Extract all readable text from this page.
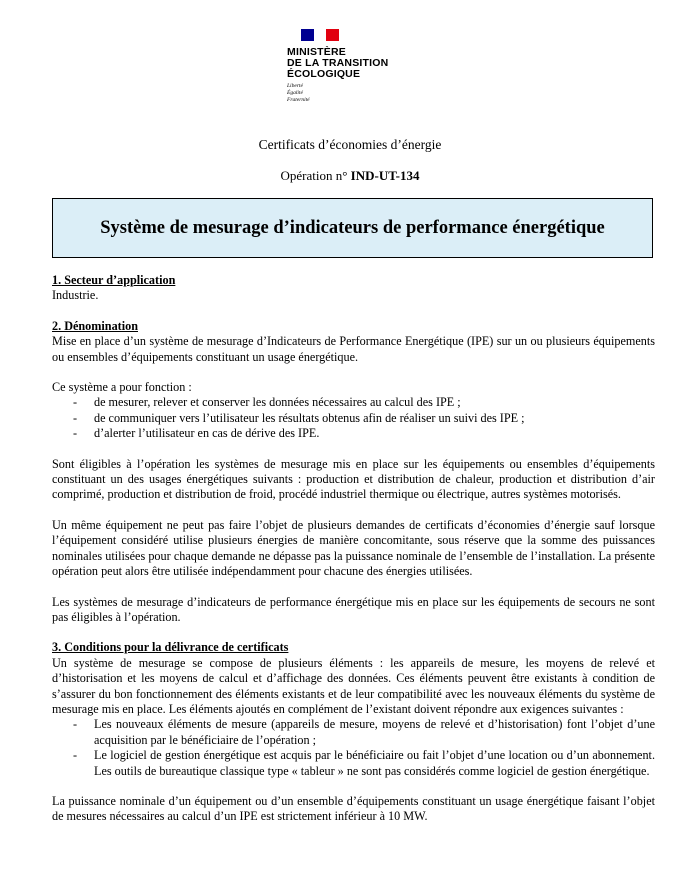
MINISTÈRE
DE LA TRANSITION
ÉCOLOGIQUE
Liberté
Égalité
Fraternité
Certificats d’économies d’énergie
Opération n° IND-UT-134
Système de mesurage d’indicateurs de performance énergétique
1. Secteur d’application

Industrie.

2. Dénomination

Mise en place d’un système de mesurage d’Indicateurs de Performance Energétique (IPE) sur un ou plusieurs équipements ou ensembles d’équipements constituant un usage énergétique.

Ce système a pour fonction :

- de mesurer, relever et conserver les données nécessaires au calcul des IPE ;
- de communiquer vers l’utilisateur les résultats obtenus afin de réaliser un suivi des IPE ;
- d’alerter l’utilisateur en cas de dérive des IPE.

Sont éligibles à l’opération les systèmes de mesurage mis en place sur les équipements ou ensembles d’équipements constituant un des usages énergétiques suivants : production et distribution de chaleur, production et distribution d’air comprimé, production et distribution de froid, procédé industriel thermique ou électrique, autres systèmes motorisés.

Un même équipement ne peut pas faire l’objet de plusieurs demandes de certificats d’économies d’énergie sauf lorsque l’équipement considéré utilise plusieurs énergies de manière concomitante, sous réserve que la somme des puissances nominales utilisées pour chaque demande ne dépasse pas la puissance nominale de l’ensemble de l’installation. La présente opération peut alors être utilisée indépendamment pour chacune des énergies utilisées.

Les systèmes de mesurage d’indicateurs de performance énergétique mis en place sur les équipements de secours ne sont pas éligibles à l’opération.

3. Conditions pour la délivrance de certificats

Un système de mesurage se compose de plusieurs éléments : les appareils de mesure, les moyens de relevé et d’historisation et les moyens de calcul et d’affichage des données. Ces éléments peuvent être existants à condition de s’assurer du bon fonctionnement des éléments existants et de leur compatibilité avec les nouveaux éléments du système de mesurage mis en place. Les éléments ajoutés en complément de l’existant doivent répondre aux exigences suivantes :

- Les nouveaux éléments de mesure (appareils de mesure, moyens de relevé et d’historisation) font l’objet d’une acquisition par le bénéficiaire de l’opération ;
- Le logiciel de gestion énergétique est acquis par le bénéficiaire ou fait l’objet d’une location ou d’un abonnement. Les outils de bureautique classique type « tableur » ne sont pas considérés comme logiciel de gestion énergétique.

La puissance nominale d’un équipement ou d’un ensemble d’équipements constituant un usage énergétique faisant l’objet de mesures nécessaires au calcul d’un IPE est strictement inférieur à 10 MW.
